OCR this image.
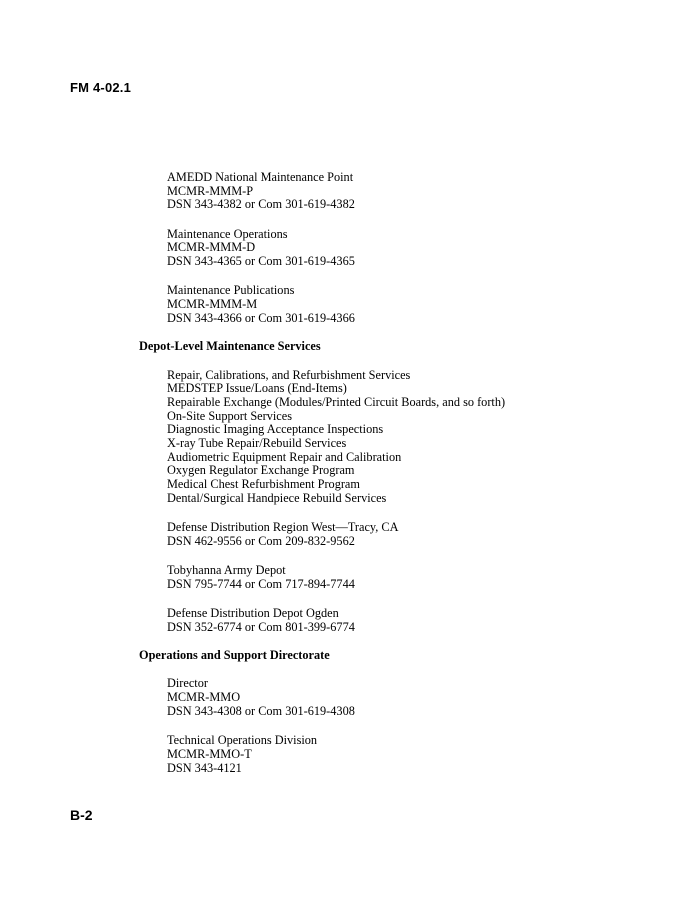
FM 4-02.1
AMEDD National Maintenance Point
MCMR-MMM-P
DSN 343-4382 or Com 301-619-4382
Maintenance Operations
MCMR-MMM-D
DSN 343-4365 or Com 301-619-4365
Maintenance Publications
MCMR-MMM-M
DSN 343-4366 or Com 301-619-4366
Depot-Level Maintenance Services
Repair, Calibrations, and Refurbishment Services
MEDSTEP Issue/Loans (End-Items)
Repairable Exchange (Modules/Printed Circuit Boards, and so forth)
On-Site Support Services
Diagnostic Imaging Acceptance Inspections
X-ray Tube Repair/Rebuild Services
Audiometric Equipment Repair and Calibration
Oxygen Regulator Exchange Program
Medical Chest Refurbishment Program
Dental/Surgical Handpiece Rebuild Services
Defense Distribution Region West—Tracy, CA
DSN 462-9556 or Com 209-832-9562
Tobyhanna Army Depot
DSN 795-7744 or Com 717-894-7744
Defense Distribution Depot Ogden
DSN 352-6774 or Com 801-399-6774
Operations and Support Directorate
Director
MCMR-MMO
DSN 343-4308 or Com 301-619-4308
Technical Operations Division
MCMR-MMO-T
DSN 343-4121
B-2
